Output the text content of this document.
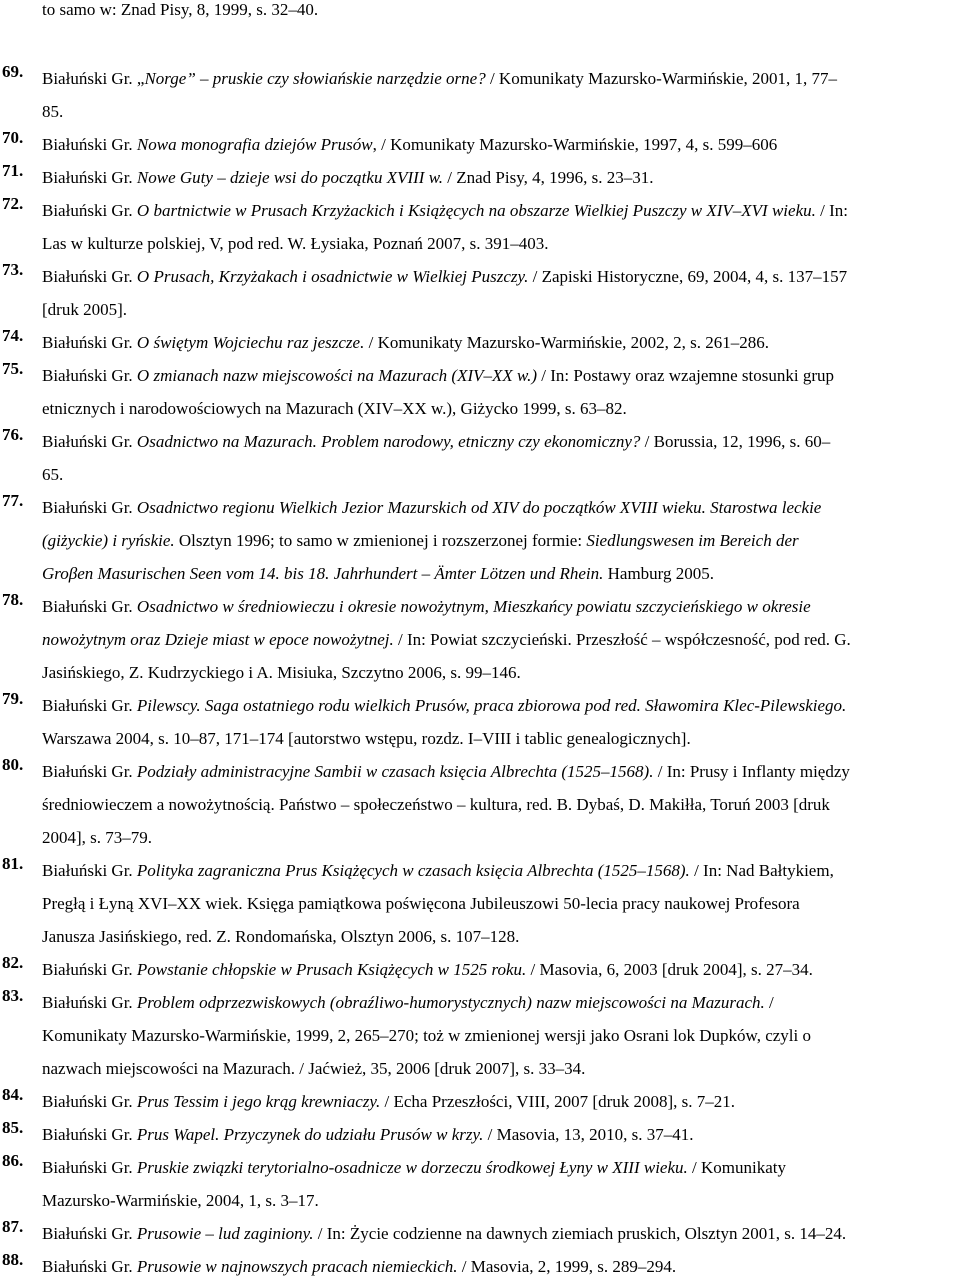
to samo w: Znad Pisy, 8, 1999, s. 32–40.
69. Białuński Gr. „Norge” – pruskie czy słowiańskie narzędzie orne? / Komunikaty Mazursko-Warmińskie, 2001, 1, 77–
85.
70. Białuński Gr. Nowa monografia dziejów Prusów, / Komunikaty Mazursko-Warmińskie, 1997, 4, s. 599–606
71. Białuński Gr. Nowe Guty – dzieje wsi do początku XVIII w. / Znad Pisy, 4, 1996, s. 23–31.
72. Białuński Gr. O bartnictwie w Prusach Krzyżackich i Książęcych na obszarze Wielkiej Puszczy w XIV–XVI wieku. / In:
Las w kulturze polskiej, V, pod red. W. Łysiaka, Poznań 2007, s. 391–403.
73. Białuński Gr. O Prusach, Krzyżakach i osadnictwie w Wielkiej Puszczy. / Zapiski Historyczne, 69, 2004, 4, s. 137–157
[druk 2005].
74. Białuński Gr. O świętym Wojciechu raz jeszcze. / Komunikaty Mazursko-Warmińskie, 2002, 2, s. 261–286.
75. Białuński Gr. O zmianach nazw miejscowości na Mazurach (XIV–XX w.) / In: Postawy oraz wzajemne stosunki grup
etnicznych i narodowościowych na Mazurach (XIV–XX w.), Giżycko 1999, s. 63–82.
76. Białuński Gr. Osadnictwo na Mazurach. Problem narodowy, etniczny czy ekonomiczny? / Borussia, 12, 1996, s. 60–
65.
77. Białuński Gr. Osadnictwo regionu Wielkich Jezior Mazurskich od XIV do początków XVIII wieku. Starostwa leckie
(giżyckie) i ryńskie. Olsztyn 1996; to samo w zmienionej i rozszerzonej formie: Siedlungswesen im Bereich der
Groβen Masurischen Seen vom 14. bis 18. Jahrhundert – Ämter Lötzen und Rhein. Hamburg 2005.
78. Białuński Gr. Osadnictwo w średniowieczu i okresie nowożytnym, Mieszkańcy powiatu szczycieńskiego w okresie
nowożytnym oraz Dzieje miast w epoce nowożytnej. / In: Powiat szczycieński. Przeszłość – współczesność, pod red. G.
Jasińskiego, Z. Kudrzyckiego i A. Misiuka, Szczytno 2006, s. 99–146.
79. Białuński Gr. Pilewscy. Saga ostatniego rodu wielkich Prusów, praca zbiorowa pod red. Sławomira Klec-Pilewskiego.
Warszawa 2004, s. 10–87, 171–174 [autorstwo wstępu, rozdz. I–VIII i tablic genealogicznych].
80. Białuński Gr. Podziały administracyjne Sambii w czasach księcia Albrechta (1525–1568). / In: Prusy i Inflanty między
średniowieczem a nowożytnością. Państwo – społeczeństwo – kultura, red. B. Dybaś, D. Makiłła, Toruń 2003 [druk
2004], s. 73–79.
81. Białuński Gr. Polityka zagraniczna Prus Książęcych w czasach księcia Albrechta (1525–1568). / In: Nad Bałtykiem,
Pregłą i Łyną XVI–XX wiek. Księga pamiątkowa poświęcona Jubileuszowi 50-lecia pracy naukowej Profesora
Janusza Jasińskiego, red. Z. Rondomańska, Olsztyn 2006, s. 107–128.
82. Białuński Gr. Powstanie chłopskie w Prusach Książęcych w 1525 roku. / Masovia, 6, 2003 [druk 2004], s. 27–34.
83. Białuński Gr. Problem odprzezwiskowych (obraźliwo-humorystycznych) nazw miejscowości na Mazurach. /
Komunikaty Mazursko-Warmińskie, 1999, 2, 265–270; toż w zmienionej wersji jako Osrani lok Dupków, czyli o
nazwach miejscowości na Mazurach. / Jaćwież, 35, 2006 [druk 2007], s. 33–34.
84. Białuński Gr. Prus Tessim i jego krąg krewniaczy. / Echa Przeszłości, VIII, 2007 [druk 2008], s. 7–21.
85. Białuński Gr. Prus Wapel. Przyczynek do udziału Prusów w krzy. / Masovia, 13, 2010, s. 37–41.
86. Białuński Gr. Pruskie związki terytorialno-osadnicze w dorzeczu środkowej Łyny w XIII wieku. / Komunikaty
Mazursko-Warmińskie, 2004, 1, s. 3–17.
87. Białuński Gr. Prusowie – lud zaginiony. / In: Życie codzienne na dawnych ziemiach pruskich, Olsztyn 2001, s. 14–24.
88. Białuński Gr. Prusowie w najnowszych pracach niemieckich. / Masovia, 2, 1999, s. 289–294.
